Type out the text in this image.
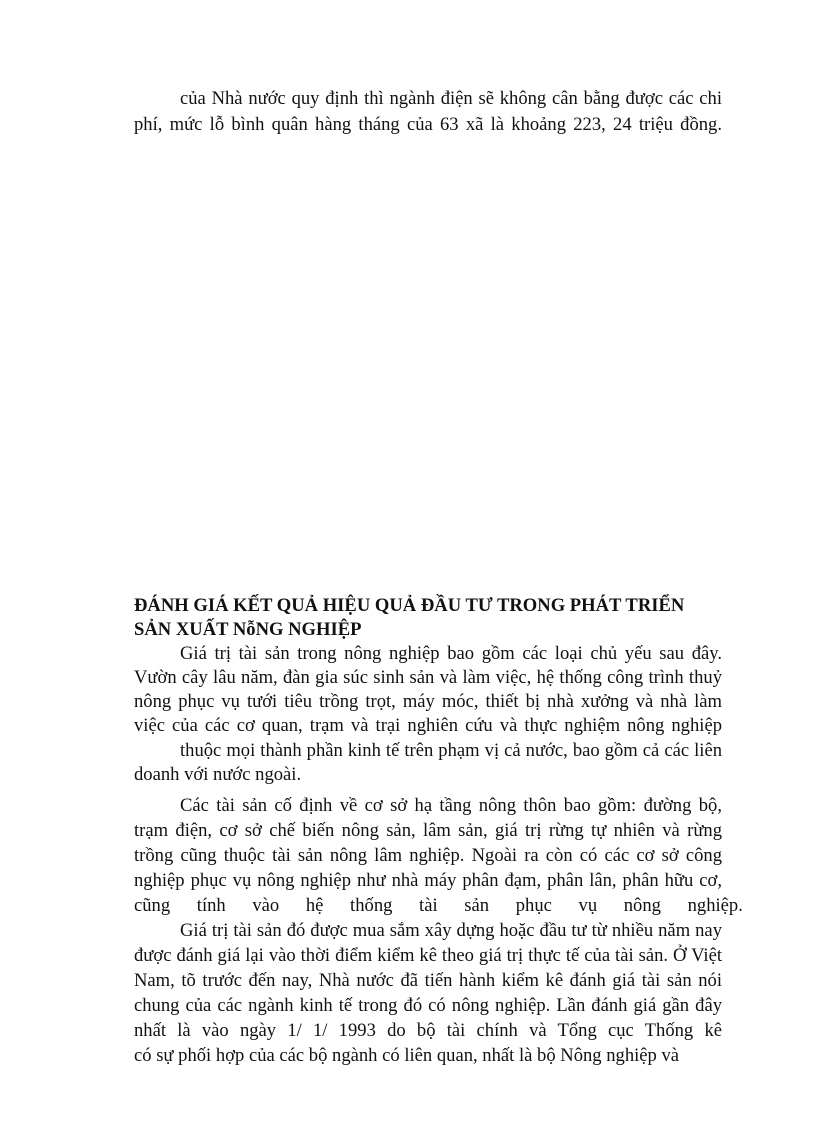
của Nhà nước quy định thì ngành điện sẽ không cân bằng được các chi
phí, mức lỗ bình quân hàng tháng của 63 xã là khoảng 223, 24 triệu đồng.
ĐÁNH GIÁ KẾT QUẢ HIỆU QUẢ ĐẦU TƯ TRONG PHÁT TRIỂN
SẢN XUẤT NỗNG NGHIỆP
Giá trị tài sản trong nông nghiệp bao gồm các loại chủ yếu sau đây.
Vườn cây lâu năm, đàn gia súc sinh sản và làm việc, hệ thống công trình thuỷ
nông phục vụ tưới tiêu trồng trọt, máy móc, thiết bị nhà xưởng và nhà làm
việc của các cơ quan, trạm và trại nghiên cứu và thực nghiệm nông nghiệp
thuộc mọi thành phần kinh tế trên phạm vị cả nước, bao gồm cả các liên
doanh với nước ngoài.
Các tài sản cố định về cơ sở hạ tầng nông thôn bao gồm: đường bộ,
trạm điện, cơ sở chế biến nông sản, lâm sản, giá trị rừng tự nhiên và rừng
trồng cũng thuộc tài sản nông lâm nghiệp. Ngoài ra còn có các cơ sở công
nghiệp phục vụ nông nghiệp như nhà máy phân đạm, phân lân, phân hữu cơ,
cũng tính vào hệ thống tài sản phục vụ nông nghiệp.
Giá trị tài sản đó được mua sắm xây dựng hoặc đầu tư từ nhiều năm nay
được đánh giá lại vào thời điểm kiểm kê theo giá trị thực tế của tài sản. Ở Việt
Nam, tõ trước đến nay, Nhà nước đã tiến hành kiểm kê đánh giá tài sản nói
chung của các ngành kinh tế trong đó có nông nghiệp. Lần đánh giá gần đây
nhất là vào ngày 1/ 1/ 1993 do bộ tài chính và Tổng cục Thống kê
có sự phối hợp của các bộ ngành có liên quan, nhất là bộ Nông nghiệp và
